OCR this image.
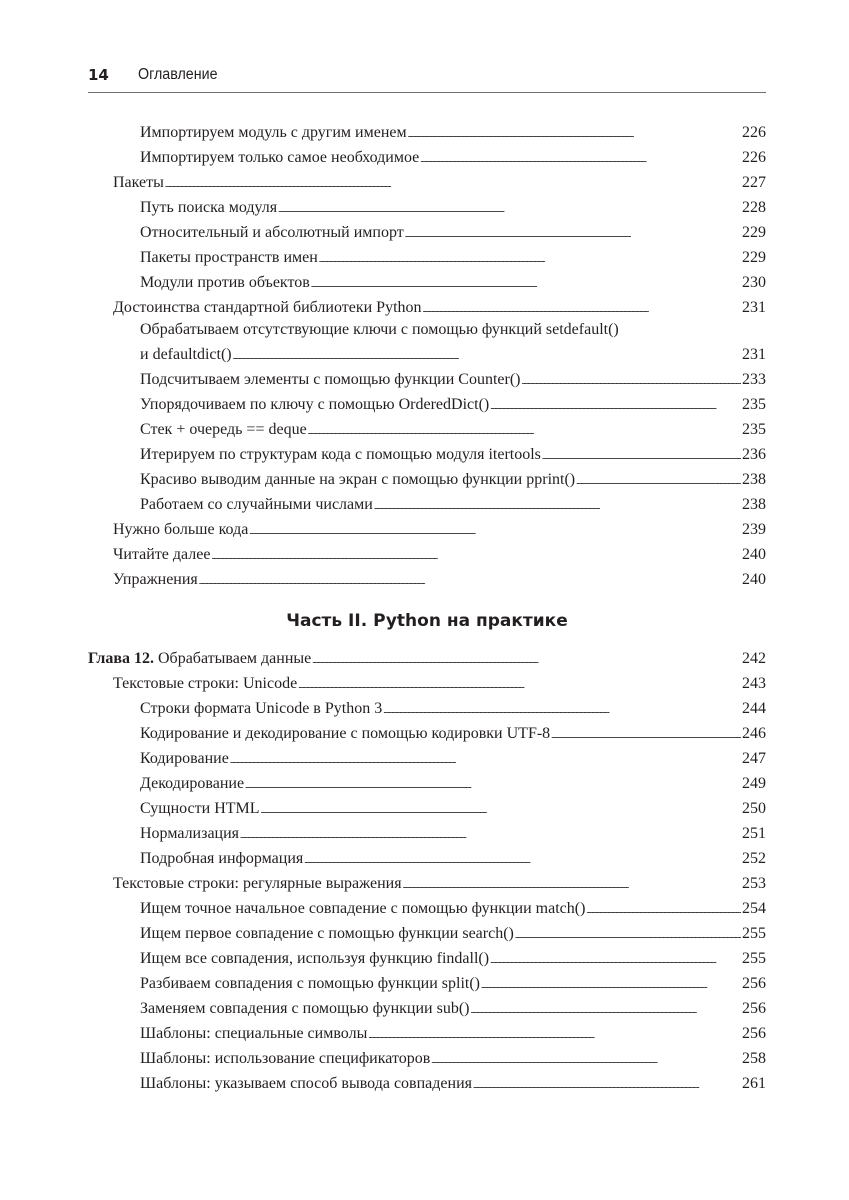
14 Оглавление
Импортируем модуль с другим именем . . .	226
Импортируем только самое необходимое . . .	226
Пакеты . . .	227
Путь поиска модуля . . .	228
Относительный и абсолютный импорт . . .	229
Пакеты пространств имен . . .	229
Модули против объектов . . .	230
Достоинства стандартной библиотеки Python . . .	231
Обрабатываем отсутствующие ключи с помощью функций setdefault()
и defaultdict() . . .	231
Подсчитываем элементы с помощью функции Counter() . . .	233
Упорядочиваем по ключу с помощью OrderedDict() . . .	235
Стек + очередь == deque . . .	235
Итерируем по структурам кода с помощью модуля itertools . . .	236
Красиво выводим данные на экран с помощью функции pprint() . . .	238
Работаем со случайными числами . . .	238
Нужно больше кода . . .	239
Читайте далее . . .	240
Упражнения . . .	240
Часть II. Python на практике
Глава 12. Обрабатываем данные . . .	242
Текстовые строки: Unicode . . .	243
Строки формата Unicode в Python 3 . . .	244
Кодирование и декодирование с помощью кодировки UTF-8 . . .	246
Кодирование . . .	247
Декодирование . . .	249
Сущности HTML . . .	250
Нормализация . . .	251
Подробная информация . . .	252
Текстовые строки: регулярные выражения . . .	253
Ищем точное начальное совпадение с помощью функции match() . . .	254
Ищем первое совпадение с помощью функции search() . . .	255
Ищем все совпадения, используя функцию findall() . . .	255
Разбиваем совпадения с помощью функции split() . . .	256
Заменяем совпадения с помощью функции sub() . . .	256
Шаблоны: специальные символы . . .	256
Шаблоны: использование спецификаторов . . .	258
Шаблоны: указываем способ вывода совпадения . . .	261
